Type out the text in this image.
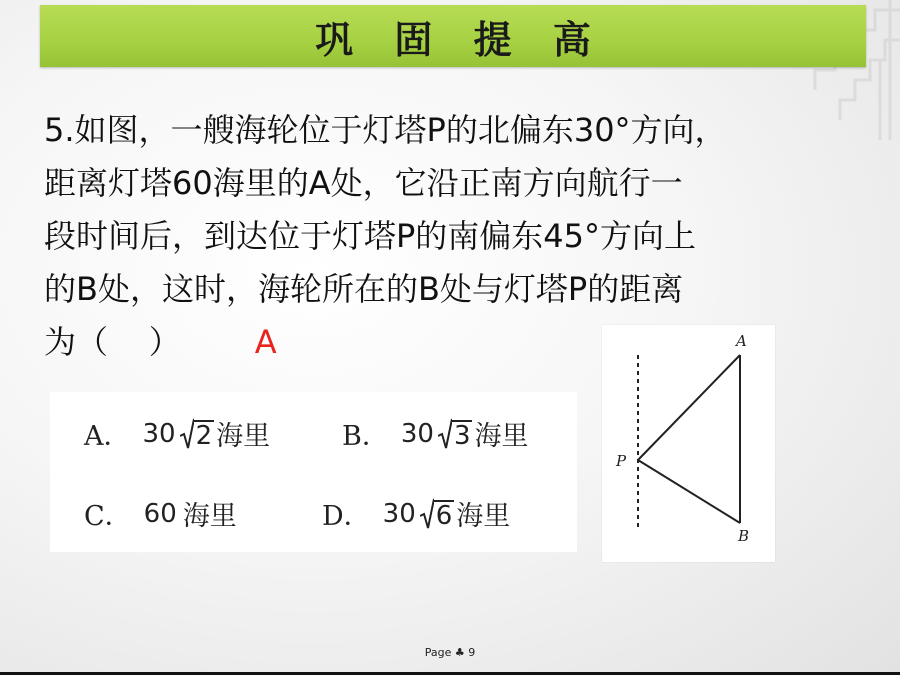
巩 固 提 高
5.如图，一艘海轮位于灯塔P的北偏东30°方向，
距离灯塔60海里的A处，它沿正南方向航行一
段时间后，到达位于灯塔P的南偏东45°方向上
的B处，这时，海轮所在的B处与灯塔P的距离
为（    ） A
A． 30 2 海里	B． 30 3 海里
C． 60 海里	D． 30 6 海里
A
B
P
Page ♣ 9
